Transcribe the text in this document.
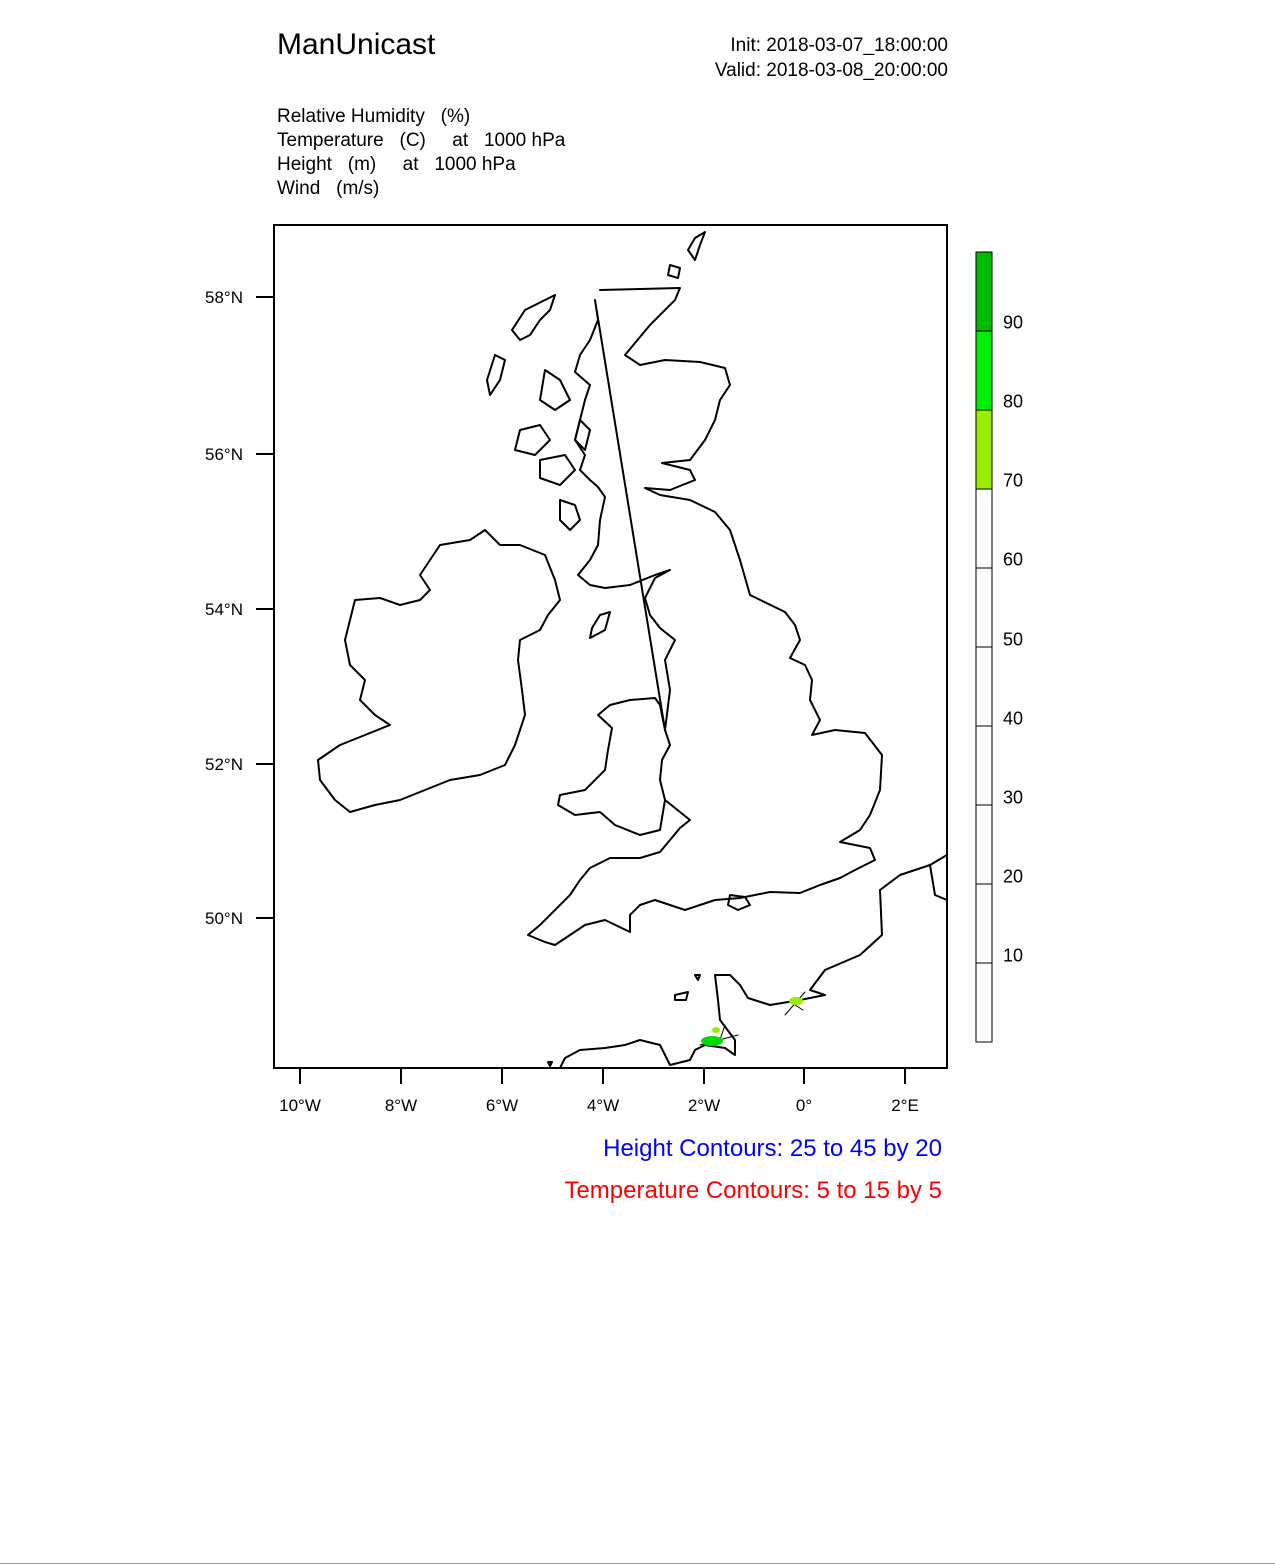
ManUnicast	Init: 2018-03-07_18:00:00
Valid: 2018-03-08_20:00:00
Relative Humidity   (%)
Temperature   (C)     at   1000 hPa
Height   (m)     at   1000 hPa
Wind   (m/s)
58°N
56°N
54°N
52°N
50°N
10°W	8°W	6°W	4°W	2°W	0°	2°E
90
80
70
60
50
40
30
20
10
Height Contours: 25 to 45 by 20
Temperature Contours: 5 to 15 by 5
